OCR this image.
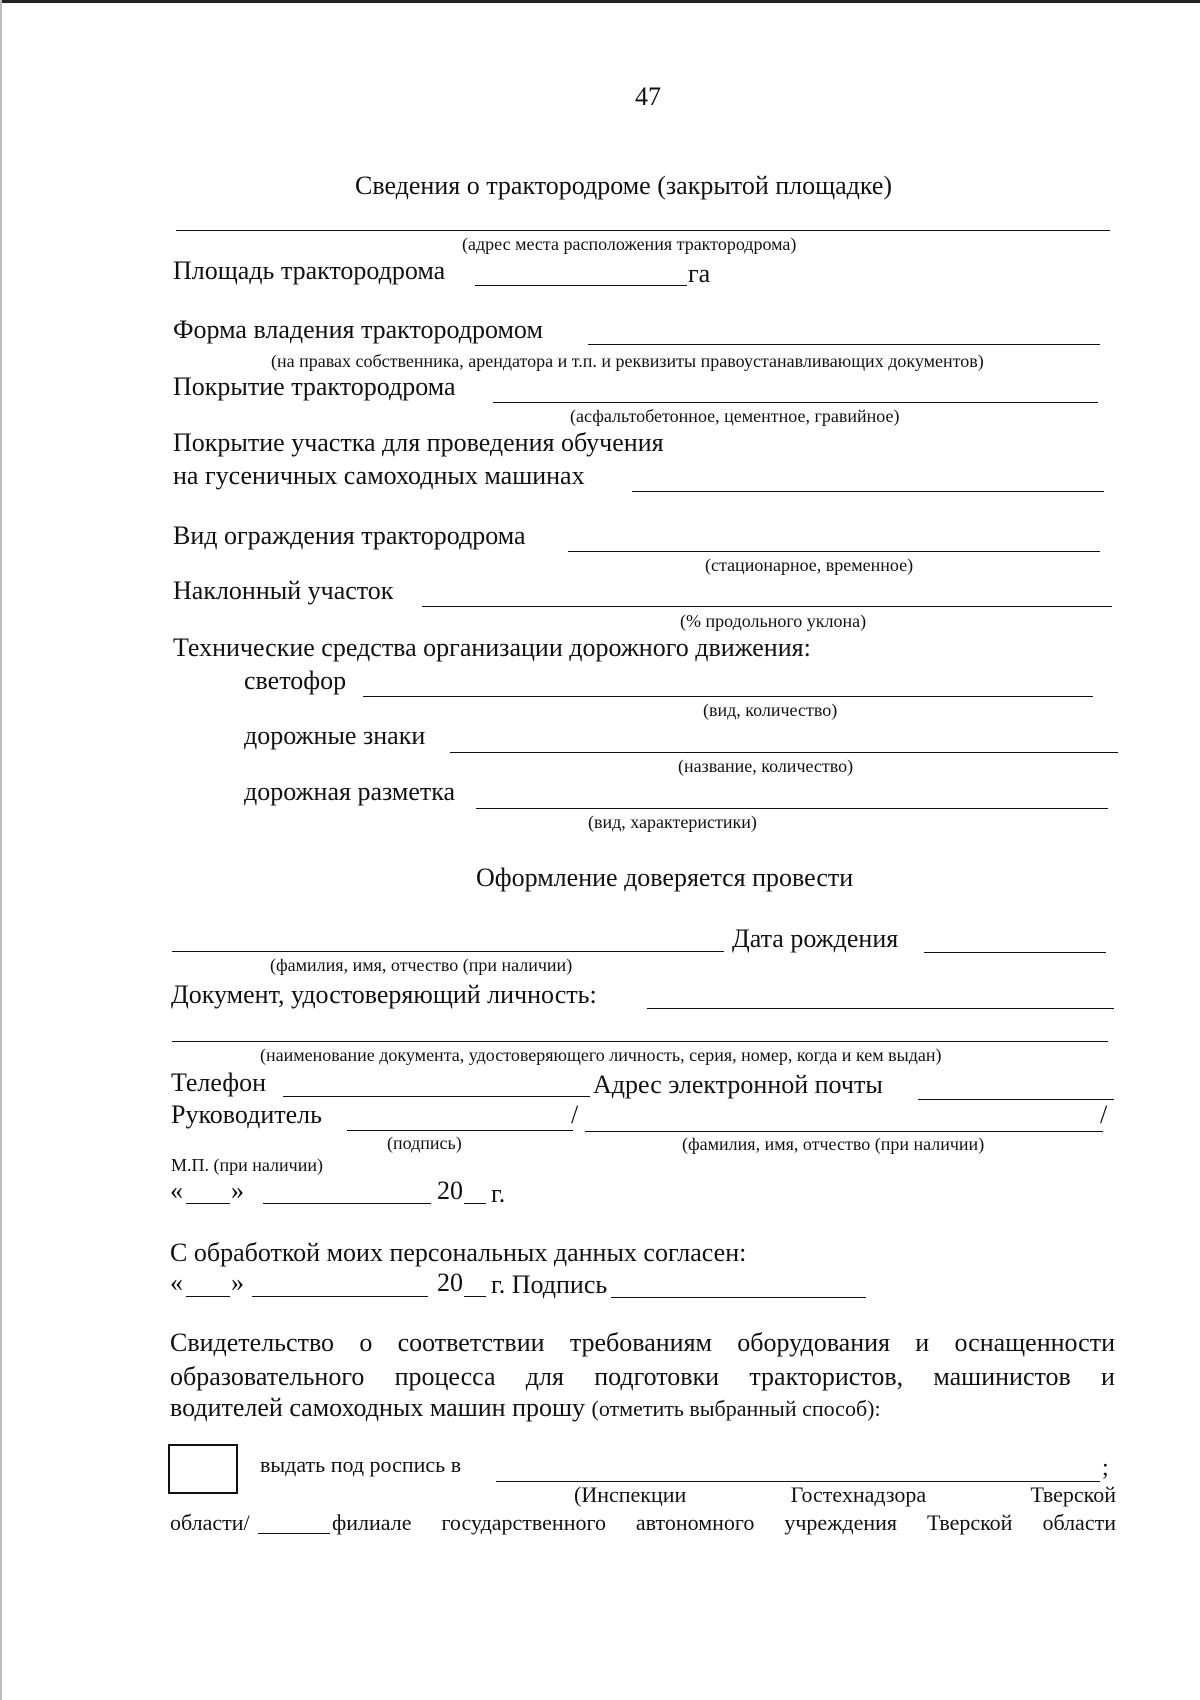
47
Сведения о трактородроме (закрытой площадке)
(адрес места расположения трактородрома)
Площадь трактородрома	га
Форма владения трактородромом
(на правах собственника, арендатора и т.п. и реквизиты правоустанавливающих документов)
Покрытие трактородрома
(асфальтобетонное, цементное, гравийное)
Покрытие участка для проведения обучения
на гусеничных самоходных машинах
Вид ограждения трактородрома
(стационарное, временное)
Наклонный участок
(% продольного уклона)
Технические средства организации дорожного движения:
светофор
(вид, количество)
дорожные знаки
(название, количество)
дорожная разметка
(вид, характеристики)
Оформление доверяется провести
Дата рождения
(фамилия, имя, отчество (при наличии)
Документ, удостоверяющий личность:
(наименование документа, удостоверяющего личность, серия, номер, когда и кем выдан)
Телефон	Адрес электронной почты
Руководитель	/	/
(подпись)	(фамилия, имя, отчество (при наличии)
М.П. (при наличии)
« »	20 г.
С обработкой моих персональных данных согласен:
« »	20 г. Подпись
Свидетельство о соответствии требованиям оборудования и оснащенности
образовательного процесса для подготовки трактористов, машинистов и
водителей самоходных машин прошу (отметить выбранный способ):
выдать под роспись в	;
(Инспекции	Гостехнадзора	Тверской
области/	филиале государственного автономного учреждения Тверской области
